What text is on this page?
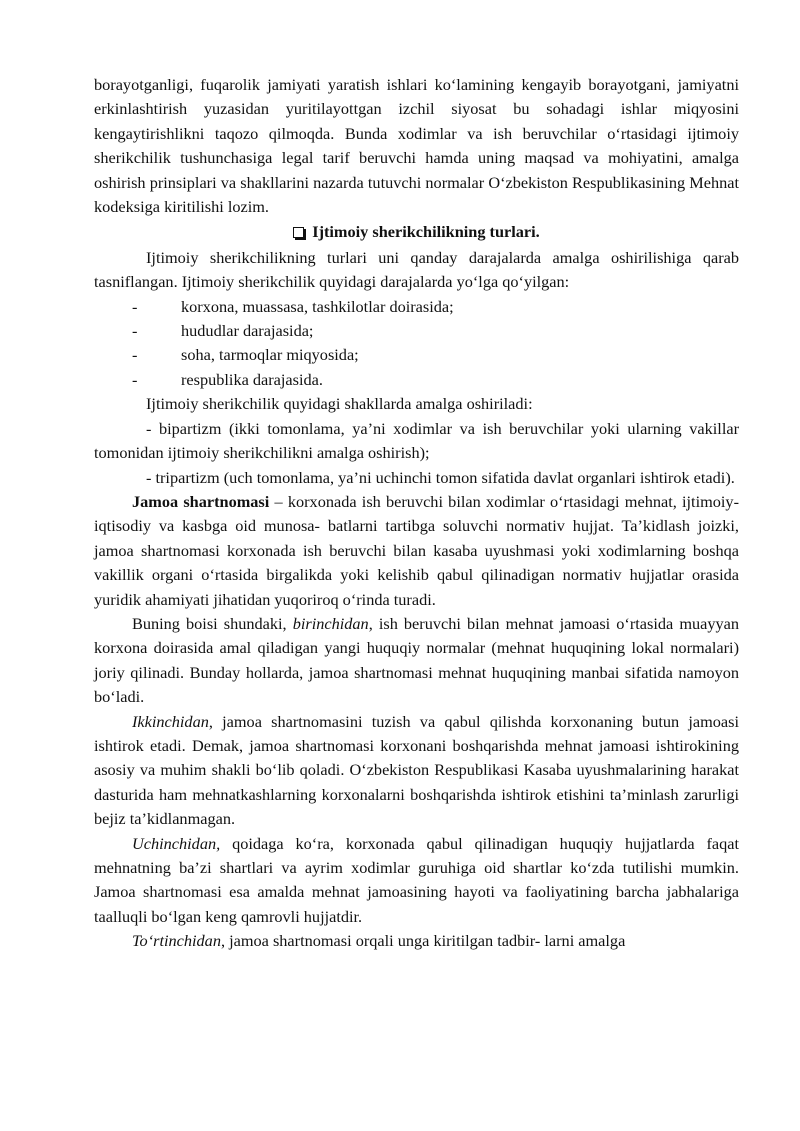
borayotganligi, fuqarolik jamiyati yaratish ishlari ko‘lamining kengayib borayotgani, jamiyatni erkinlashtirish yuzasidan yuritilayottgan izchil siyosat bu sohadagi ishlar miqyosini kengaytirishlikni taqozo qilmoqda. Bunda xodimlar va ish beruvchilar o‘rtasidagi ijtimoiy sherikchilik tushunchasiga legal tarif beruvchi hamda uning maqsad va mohiyatini, amalga oshirish prinsiplari va shakllarini nazarda tutuvchi normalar O‘zbekiston Respublikasining Mehnat kodeksiga kiritilishi lozim.

Ijtimoiy sherikchilikning turlari.

Ijtimoiy sherikchilikning turlari uni qanday darajalarda amalga oshirilishiga qarab tasniflangan. Ijtimoiy sherikchilik quyidagi darajalarda yo‘lga qo‘yilgan:

-	korxona, muassasa, tashkilotlar doirasida;

-	hududlar darajasida;

-	soha, tarmoqlar miqyosida;

-	respublika darajasida.

Ijtimoiy sherikchilik quyidagi shakllarda amalga oshiriladi:

- bipartizm (ikki tomonlama, ya’ni xodimlar va ish beruvchilar yoki ularning vakillar tomonidan ijtimoiy sherikchilikni amalga oshirish);

- tripartizm (uch tomonlama, ya’ni uchinchi tomon sifatida davlat organlari ishtirok etadi).

Jamoa shartnomasi – korxonada ish beruvchi bilan xodimlar o‘rtasidagi mehnat, ijtimoiy-iqtisodiy va kasbga oid munosa- batlarni tartibga soluvchi normativ hujjat. Ta’kidlash joizki, jamoa shartnomasi korxonada ish beruvchi bilan kasaba uyushmasi yoki xodimlarning boshqa vakillik organi o‘rtasida birgalikda yoki kelishib qabul qilinadigan normativ hujjatlar orasida yuridik ahamiyati jihatidan yuqoriroq o‘rinda turadi.

Buning boisi shundaki, birinchidan, ish beruvchi bilan mehnat jamoasi o‘rtasida muayyan korxona doirasida amal qiladigan yangi huquqiy normalar (mehnat huquqining lokal normalari) joriy qilinadi. Bunday hollarda, jamoa shartnomasi mehnat huquqining manbai sifatida namoyon bo‘ladi.

Ikkinchidan, jamoa shartnomasini tuzish va qabul qilishda korxonaning butun jamoasi ishtirok etadi. Demak, jamoa shartnomasi korxonani boshqarishda mehnat jamoasi ishtirokining asosiy va muhim shakli bo‘lib qoladi. O‘zbekiston Respublikasi Kasaba uyushmalarining harakat dasturida ham mehnatkashlarning korxonalarni boshqarishda ishtirok etishini ta’minlash zarurligi bejiz ta’kidlanmagan.

Uchinchidan, qoidaga ko‘ra, korxonada qabul qilinadigan huquqiy hujjatlarda faqat mehnatning ba’zi shartlari va ayrim xodimlar guruhiga oid shartlar ko‘zda tutilishi mumkin. Jamoa shartnomasi esa amalda mehnat jamoasining hayoti va faoliyatining barcha jabhalariga taalluqli bo‘lgan keng qamrovli hujjatdir.

To‘rtinchidan, jamoa shartnomasi orqali unga kiritilgan tadbir- larni amalga
